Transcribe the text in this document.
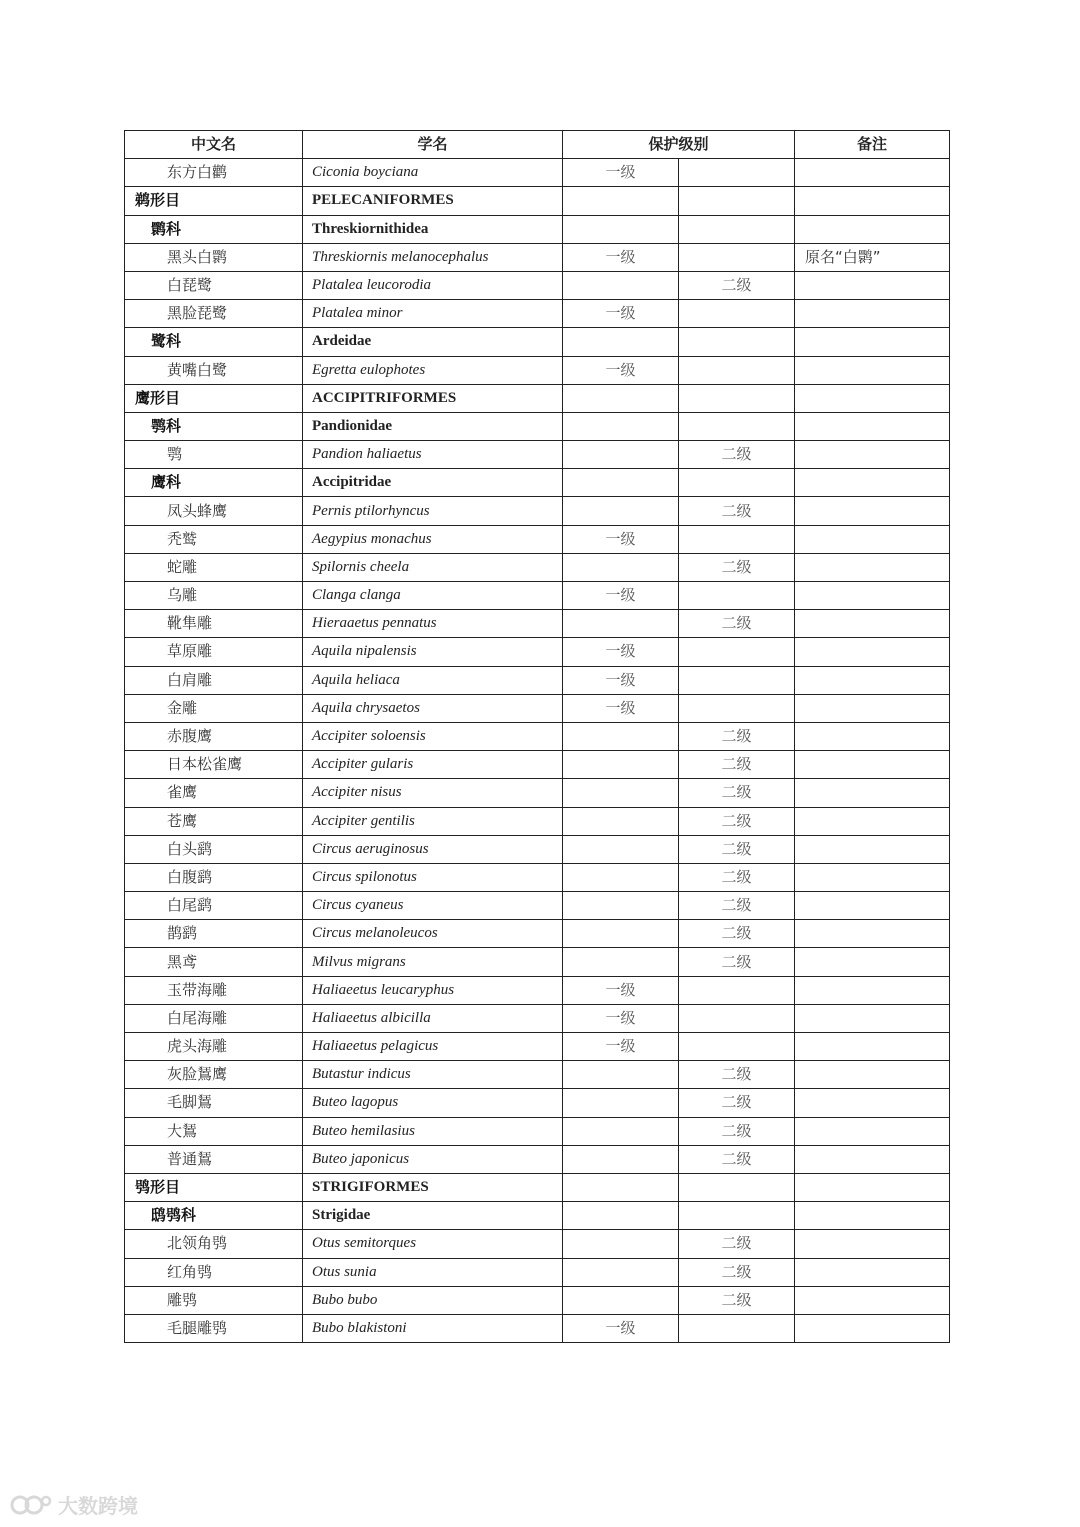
中文名	学名	保护级别		备注
东方白鹳	Ciconia boyciana	一级		
鹈形目	PELECANIFORMES			
鹮科	Threskiornithidea			
黑头白鹮	Threskiornis melanocephalus	一级		原名“白鹮”
白琵鹭	Platalea leucorodia		二级	
黑脸琵鹭	Platalea minor	一级		
鹭科	Ardeidae			
黄嘴白鹭	Egretta eulophotes	一级		
鹰形目	ACCIPITRIFORMES			
鹗科	Pandionidae			
鹗	Pandion haliaetus		二级	
鹰科	Accipitridae			
凤头蜂鹰	Pernis ptilorhyncus		二级	
秃鹫	Aegypius monachus	一级		
蛇雕	Spilornis cheela		二级	
乌雕	Clanga clanga	一级		
靴隼雕	Hieraaetus pennatus		二级	
草原雕	Aquila nipalensis	一级		
白肩雕	Aquila heliaca	一级		
金雕	Aquila chrysaetos	一级		
赤腹鹰	Accipiter soloensis		二级	
日本松雀鹰	Accipiter gularis		二级	
雀鹰	Accipiter nisus		二级	
苍鹰	Accipiter gentilis		二级	
白头鹞	Circus aeruginosus		二级	
白腹鹞	Circus spilonotus		二级	
白尾鹞	Circus cyaneus		二级	
鹊鹞	Circus melanoleucos		二级	
黑鸢	Milvus migrans		二级	
玉带海雕	Haliaeetus leucaryphus	一级		
白尾海雕	Haliaeetus albicilla	一级		
虎头海雕	Haliaeetus pelagicus	一级		
灰脸鵟鹰	Butastur indicus		二级	
毛脚鵟	Buteo lagopus		二级	
大鵟	Buteo hemilasius		二级	
普通鵟	Buteo japonicus		二级	
鸮形目	STRIGIFORMES			
鸱鸮科	Strigidae			
北领角鸮	Otus semitorques		二级	
红角鸮	Otus sunia		二级	
雕鸮	Bubo bubo		二级	
毛腿雕鸮	Bubo blakistoni	一级		
大数跨境
